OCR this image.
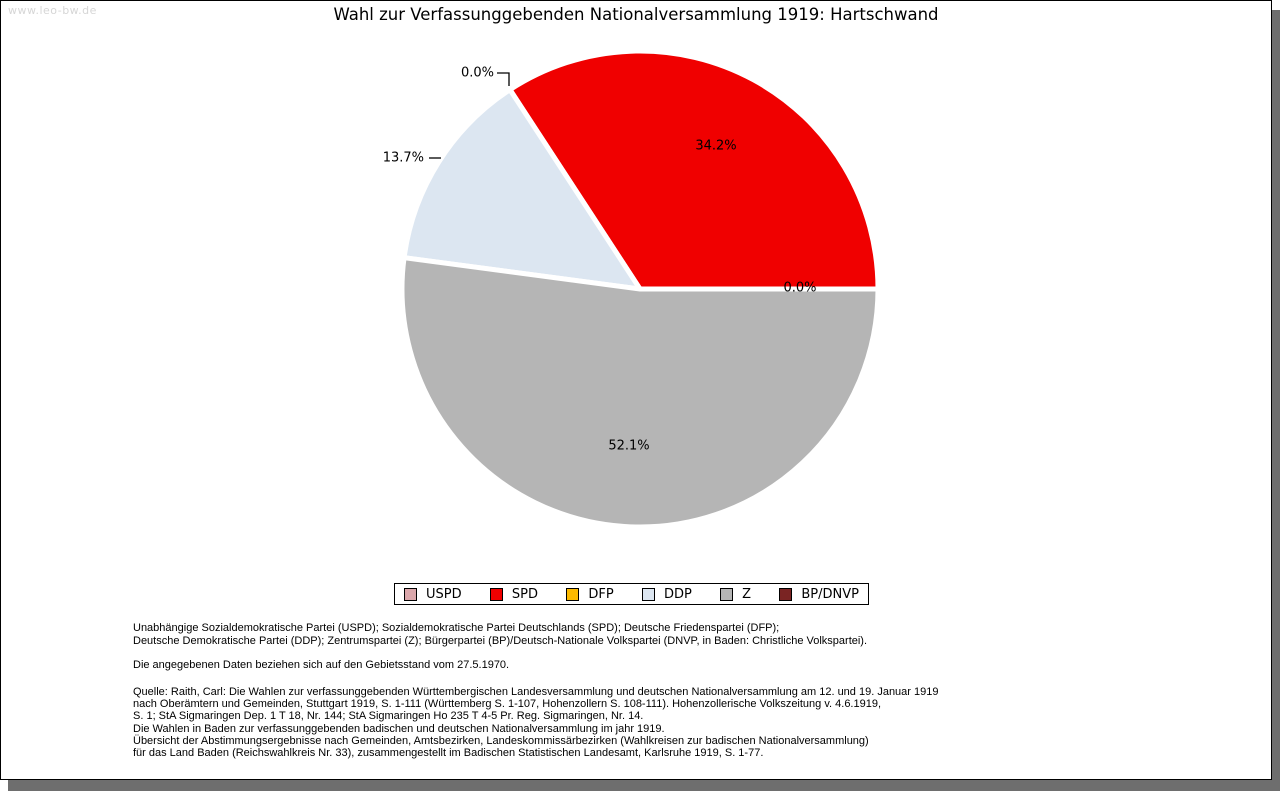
www.leo-bw.de	Wahl zur Verfassunggebenden Nationalversammlung 1919: Hartschwand
0.0%
34.2%
13.7%
0.0%
52.1%
USPD	SPD	DFP	DDP	Z	BP/DNVP
Unabhängige Sozialdemokratische Partei (USPD); Sozialdemokratische Partei Deutschlands (SPD); Deutsche Friedenspartei (DFP);
Deutsche Demokratische Partei (DDP); Zentrumspartei (Z); Bürgerpartei (BP)/Deutsch-Nationale Volkspartei (DNVP, in Baden: Christliche Volkspartei).
Die angegebenen Daten beziehen sich auf den Gebietsstand vom 27.5.1970.
Quelle: Raith, Carl: Die Wahlen zur verfassunggebenden Württembergischen Landesversammlung und deutschen Nationalversammlung am 12. und 19. Januar 1919
nach Oberämtern und Gemeinden, Stuttgart 1919, S. 1-111 (Württemberg S. 1-107, Hohenzollern S. 108-111). Hohenzollerische Volkszeitung v. 4.6.1919,
S. 1; StA Sigmaringen Dep. 1 T 18, Nr. 144; StA Sigmaringen Ho 235 T 4-5 Pr. Reg. Sigmaringen, Nr. 14.
Die Wahlen in Baden zur verfassunggebenden badischen und deutschen Nationalversammlung im jahr 1919.
Übersicht der Abstimmungsergebnisse nach Gemeinden, Amtsbezirken, Landeskommissärbezirken (Wahlkreisen zur badischen Nationalversammlung)
für das Land Baden (Reichswahlkreis Nr. 33), zusammengestellt im Badischen Statistischen Landesamt, Karlsruhe 1919, S. 1-77.
